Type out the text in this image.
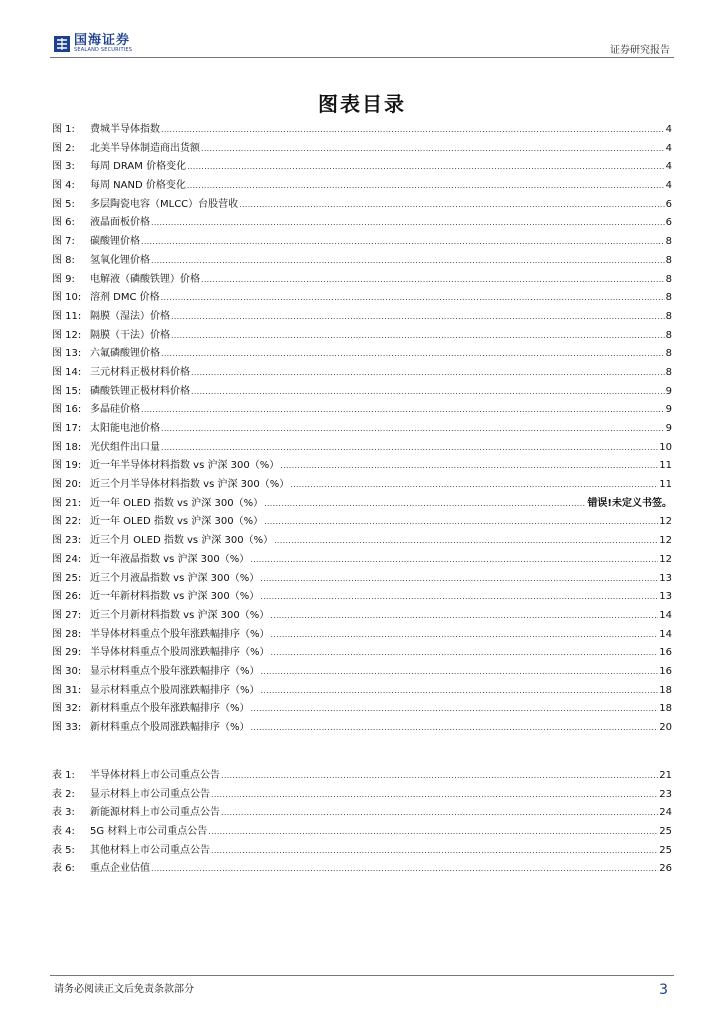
国海证券
SEALAND SECURITIES	证券研究报告
图表目录
图 1:	费城半导体指数 .....	4
图 2:	北美半导体制造商出货额 .....	4
图 3:	每周 DRAM 价格变化 .....	4
图 4:	每周 NAND 价格变化 .....	4
图 5:	多层陶瓷电容（MLCC）台股营收 .....	6
图 6:	液晶面板价格 .....	6
图 7:	碳酸锂价格 .....	8
图 8:	氢氧化锂价格 .....	8
图 9:	电解液（磷酸铁锂）价格 .....	8
图 10: 溶剂 DMC 价格 .....	8
图 11: 隔膜（湿法）价格 .....	8
图 12: 隔膜（干法）价格 .....	8
图 13: 六氟磷酸锂价格 .....	8
图 14: 三元材料正极材料价格 .....	8
图 15: 磷酸铁锂正极材料价格 .....	9
图 16: 多晶硅价格 .....	9
图 17: 太阳能电池价格 .....	9
图 18: 光伏组件出口量 .....	10
图 19: 近一年半导体材料指数 vs 沪深 300（%） .....	11
图 20: 近三个月半导体材料指数 vs 沪深 300（%） .....	11
图 21: 近一年 OLED 指数 vs 沪深 300（%） .....	错误!未定义书签。
图 22: 近一年 OLED 指数 vs 沪深 300（%） .....	12
图 23: 近三个月 OLED 指数 vs 沪深 300（%） .....	12
图 24: 近一年液晶指数 vs 沪深 300（%） .....	12
图 25: 近三个月液晶指数 vs 沪深 300（%） .....	13
图 26: 近一年新材料指数 vs 沪深 300（%） .....	13
图 27: 近三个月新材料指数 vs 沪深 300（%） .....	14
图 28: 半导体材料重点个股年涨跌幅排序（%） .....	14
图 29: 半导体材料重点个股周涨跌幅排序（%） .....	16
图 30: 显示材料重点个股年涨跌幅排序（%） .....	16
图 31: 显示材料重点个股周涨跌幅排序（%） .....	18
图 32: 新材料重点个股年涨跌幅排序（%） .....	18
图 33: 新材料重点个股周涨跌幅排序（%） .....	20
表 1:	半导体材料上市公司重点公告 .....	21
表 2:	显示材料上市公司重点公告 .....	23
表 3:	新能源材料上市公司重点公告 .....	24
表 4:	5G 材料上市公司重点公告 .....	25
表 5:	其他材料上市公司重点公告 .....	25
表 6:	重点企业估值 .....	26
请务必阅读正文后免责条款部分	3
